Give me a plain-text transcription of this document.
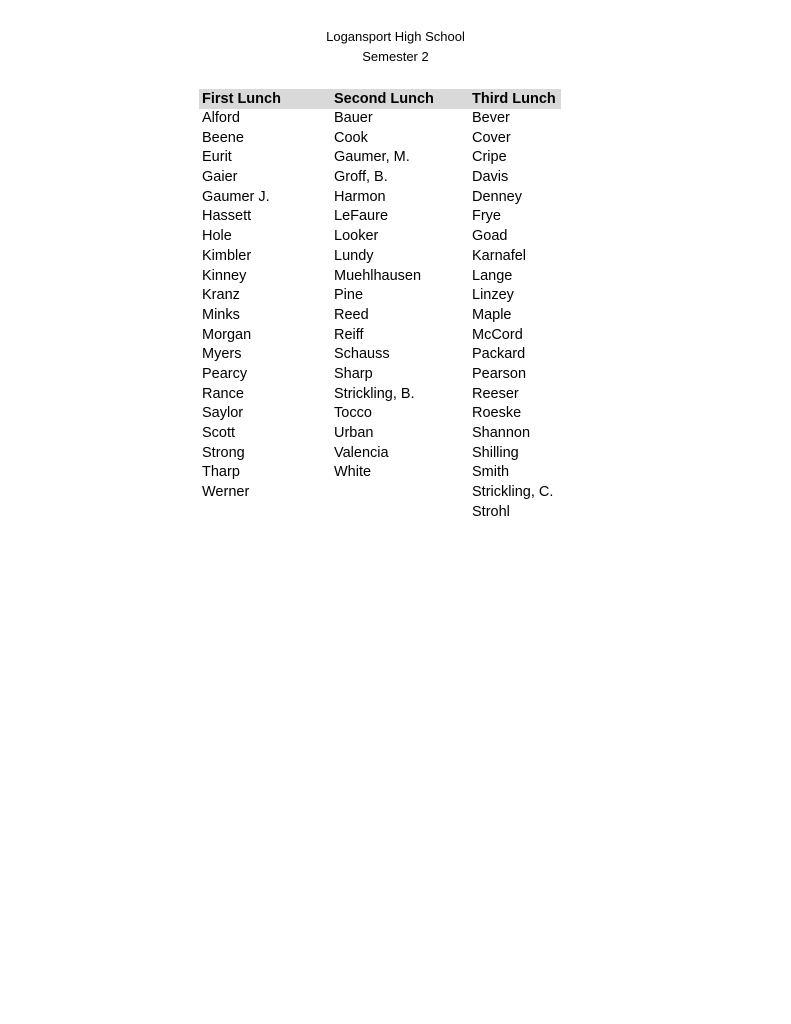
Logansport High School
Semester 2
First Lunch	Second Lunch	Third Lunch
Alford
Beene
Eurit
Gaier
Gaumer J.
Hassett
Hole
Kimbler
Kinney
Kranz
Minks
Morgan
Myers
Pearcy
Rance
Saylor
Scott
Strong
Tharp
Werner
Bauer
Cook
Gaumer, M.
Groff, B.
Harmon
LeFaure
Looker
Lundy
Muehlhausen
Pine
Reed
Reiff
Schauss
Sharp
Strickling, B.
Tocco
Urban
Valencia
White
Bever
Cover
Cripe
Davis
Denney
Frye
Goad
Karnafel
Lange
Linzey
Maple
McCord
Packard
Pearson
Reeser
Roeske
Shannon
Shilling
Smith
Strickling, C.
Strohl
